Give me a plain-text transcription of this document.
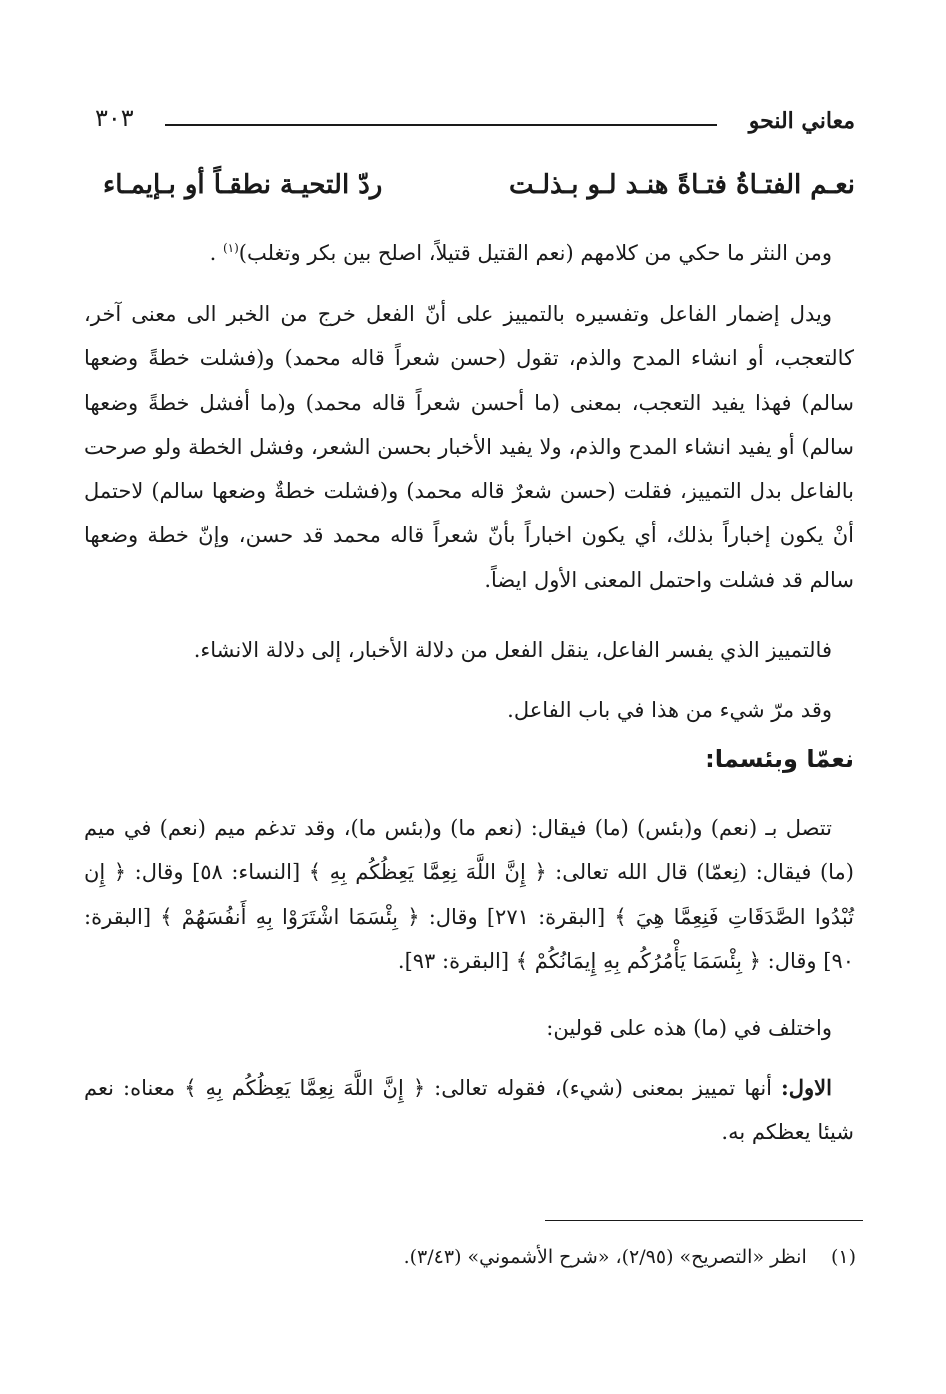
معاني النحو
٣٠٣
نعـم الفتـاةُ فتـاةً هنـد لـو بـذلـت
ردّ التحيـة نطقـاً أو بـإيمـاء

ومن النثر ما حكي من كلامهم (نعم القتيل قتيلاً، اصلح بين بكر وتغلب)$^{(١)}$ .

ويدل إضمار الفاعل وتفسيره بالتمييز على أنّ الفعل خرج من الخبر الى معنى آخر، كالتعجب، أو انشاء المدح والذم، تقول (حسن شعراً قاله محمد) و(فشلت خطةً وضعها سالم) فهذا يفيد التعجب، بمعنى (ما أحسن شعراً قاله محمد) و(ما أفشل خطةً وضعها سالم) أو يفيد انشاء المدح والذم، ولا يفيد الأخبار بحسن الشعر، وفشل الخطة ولو صرحت بالفاعل بدل التمييز، فقلت (حسن شعرٌ قاله محمد) و(فشلت خطةٌ وضعها سالم) لاحتمل أنْ يكون إخباراً بذلك، أي يكون اخباراً بأنّ شعراً قاله محمد قد حسن، وإنّ خطة وضعها سالم قد فشلت واحتمل المعنى الأول ايضاً.

فالتمييز الذي يفسر الفاعل، ينقل الفعل من دلالة الأخبار، إلى دلالة الانشاء.

وقد مرّ شيء من هذا في باب الفاعل.

نعمّا وبئسما:

تتصل بـ (نعم) و(بئس) (ما) فيقال: (نعم ما) و(بئس ما)، وقد تدغم ميم (نعم) في ميم (ما) فيقال: (نِعمّا) قال الله تعالى: ﴿ إِنَّ اللَّهَ نِعِمَّا يَعِظُكُم بِهِ ﴾ [النساء: ٥٨] وقال: ﴿ إِن تُبْدُوا الصَّدَقَاتِ فَنِعِمَّا هِيَ ﴾ [البقرة: ٢٧١] وقال: ﴿ بِئْسَمَا اشْتَرَوْا بِهِ أَنفُسَهُمْ ﴾ [البقرة: ٩٠] وقال: ﴿ بِئْسَمَا يَأْمُرُكُم بِهِ إِيمَانُكُمْ ﴾ [البقرة: ٩٣].

واختلف في (ما) هذه على قولين:

الاول: أنها تمييز بمعنى (شيء)، فقوله تعالى: ﴿ إِنَّ اللَّهَ نِعِمَّا يَعِظُكُم بِهِ ﴾ معناه: نعم شيئا يعظكم به.

(١)    انظر «التصريح» (٢/٩٥)، «شرح الأشموني» (٣/٤٣).
